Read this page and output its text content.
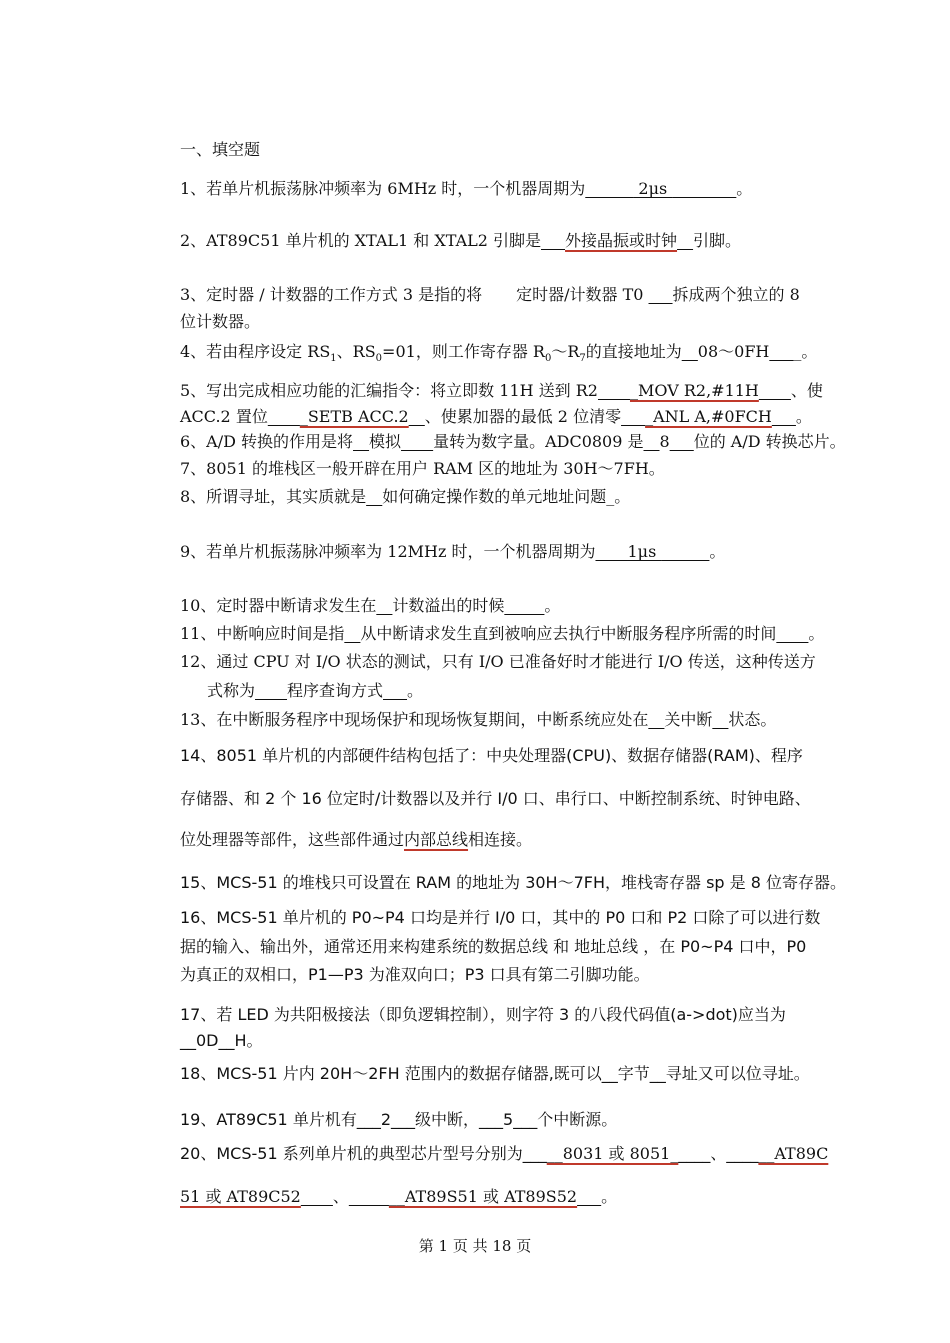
一、填空题

1、若单片机振荡脉冲频率为 6MHz 时，一个机器周期为______ 2μs ________。

2、AT89C51 单片机的 XTAL1 和 XTAL2 引脚是___外接晶振或时钟__引脚。

3、定时器 / 计数器的工作方式 3 是指的将 定时器/计数器 T0 ___拆成两个独立的 8

位计数器。

4、若由程序设定 $RS_1$、$RS_0=01$，则工作寄存器 $R_0\sim R_7$的直接地址为__08～0FH____。

5、写出完成相应功能的汇编指令：将立即数 11H 送到 R2_____MOV R2,#11H____、使

ACC.2 置位_____SETB ACC.2__、使累加器的最低 2 位清零____ANL A,#0FCH___。

6、A/D 转换的作用是将__模拟____量转为数字量。ADC0809 是__8___位的 A/D 转换芯片。

7、8051 的堆栈区一般开辟在用户 RAM 区的地址为 30H～7FH。

8、所谓寻址，其实质就是__如何确定操作数的单元地址问题_。

9、若单片机振荡脉冲频率为 12MHz 时，一个机器周期为____1μs ______。

10、定时器中断请求发生在__计数溢出的时候_____。

11、中断响应时间是指__从中断请求发生直到被响应去执行中断服务程序所需的时间____。

12、通过 CPU 对 I/O 状态的测试，只有 I/O 已准备好时才能进行 I/O 传送，这种传送方

式称为____程序查询方式___。

13、在中断服务程序中现场保护和现场恢复期间，中断系统应处在__关中断__状态。

14、8051 单片机的内部硬件结构包括了：中央处理器(CPU)、数据存储器(RAM)、程序

存储器、和 2 个 16 位定时/计数器以及并行 I/0 口、串行口、中断控制系统、时钟电路、

位处理器等部件，这些部件通过内部总线相连接。

15、MCS-51 的堆栈只可设置在 RAM 的地址为 30H～7FH，堆栈寄存器 sp 是 8 位寄存器。

16、MCS-51 单片机的 P0~P4 口均是并行 I/0 口，其中的 P0 口和 P2 口除了可以进行数

据的输入、输出外，通常还用来构建系统的数据总线 和 地址总线 ，在 P0~P4 口中，P0

为真正的双相口，P1—P3 为准双向口；P3 口具有第二引脚功能。

17、若 LED 为共阳极接法（即负逻辑控制），则字符 3 的八段代码值(a->dot)应当为

__0D__H。

18、MCS-51 片内 20H～2FH 范围内的数据存储器,既可以__字节__寻址又可以位寻址。

19、AT89C51 单片机有___2___级中断，___5___个中断源。

20、MCS-51 系列单片机的典型芯片型号分别为_____8031 或 8051_____、______AT89C

51 或 AT89C52____、_______AT89S51 或 AT89S52___。

第 1 页 共 18 页
